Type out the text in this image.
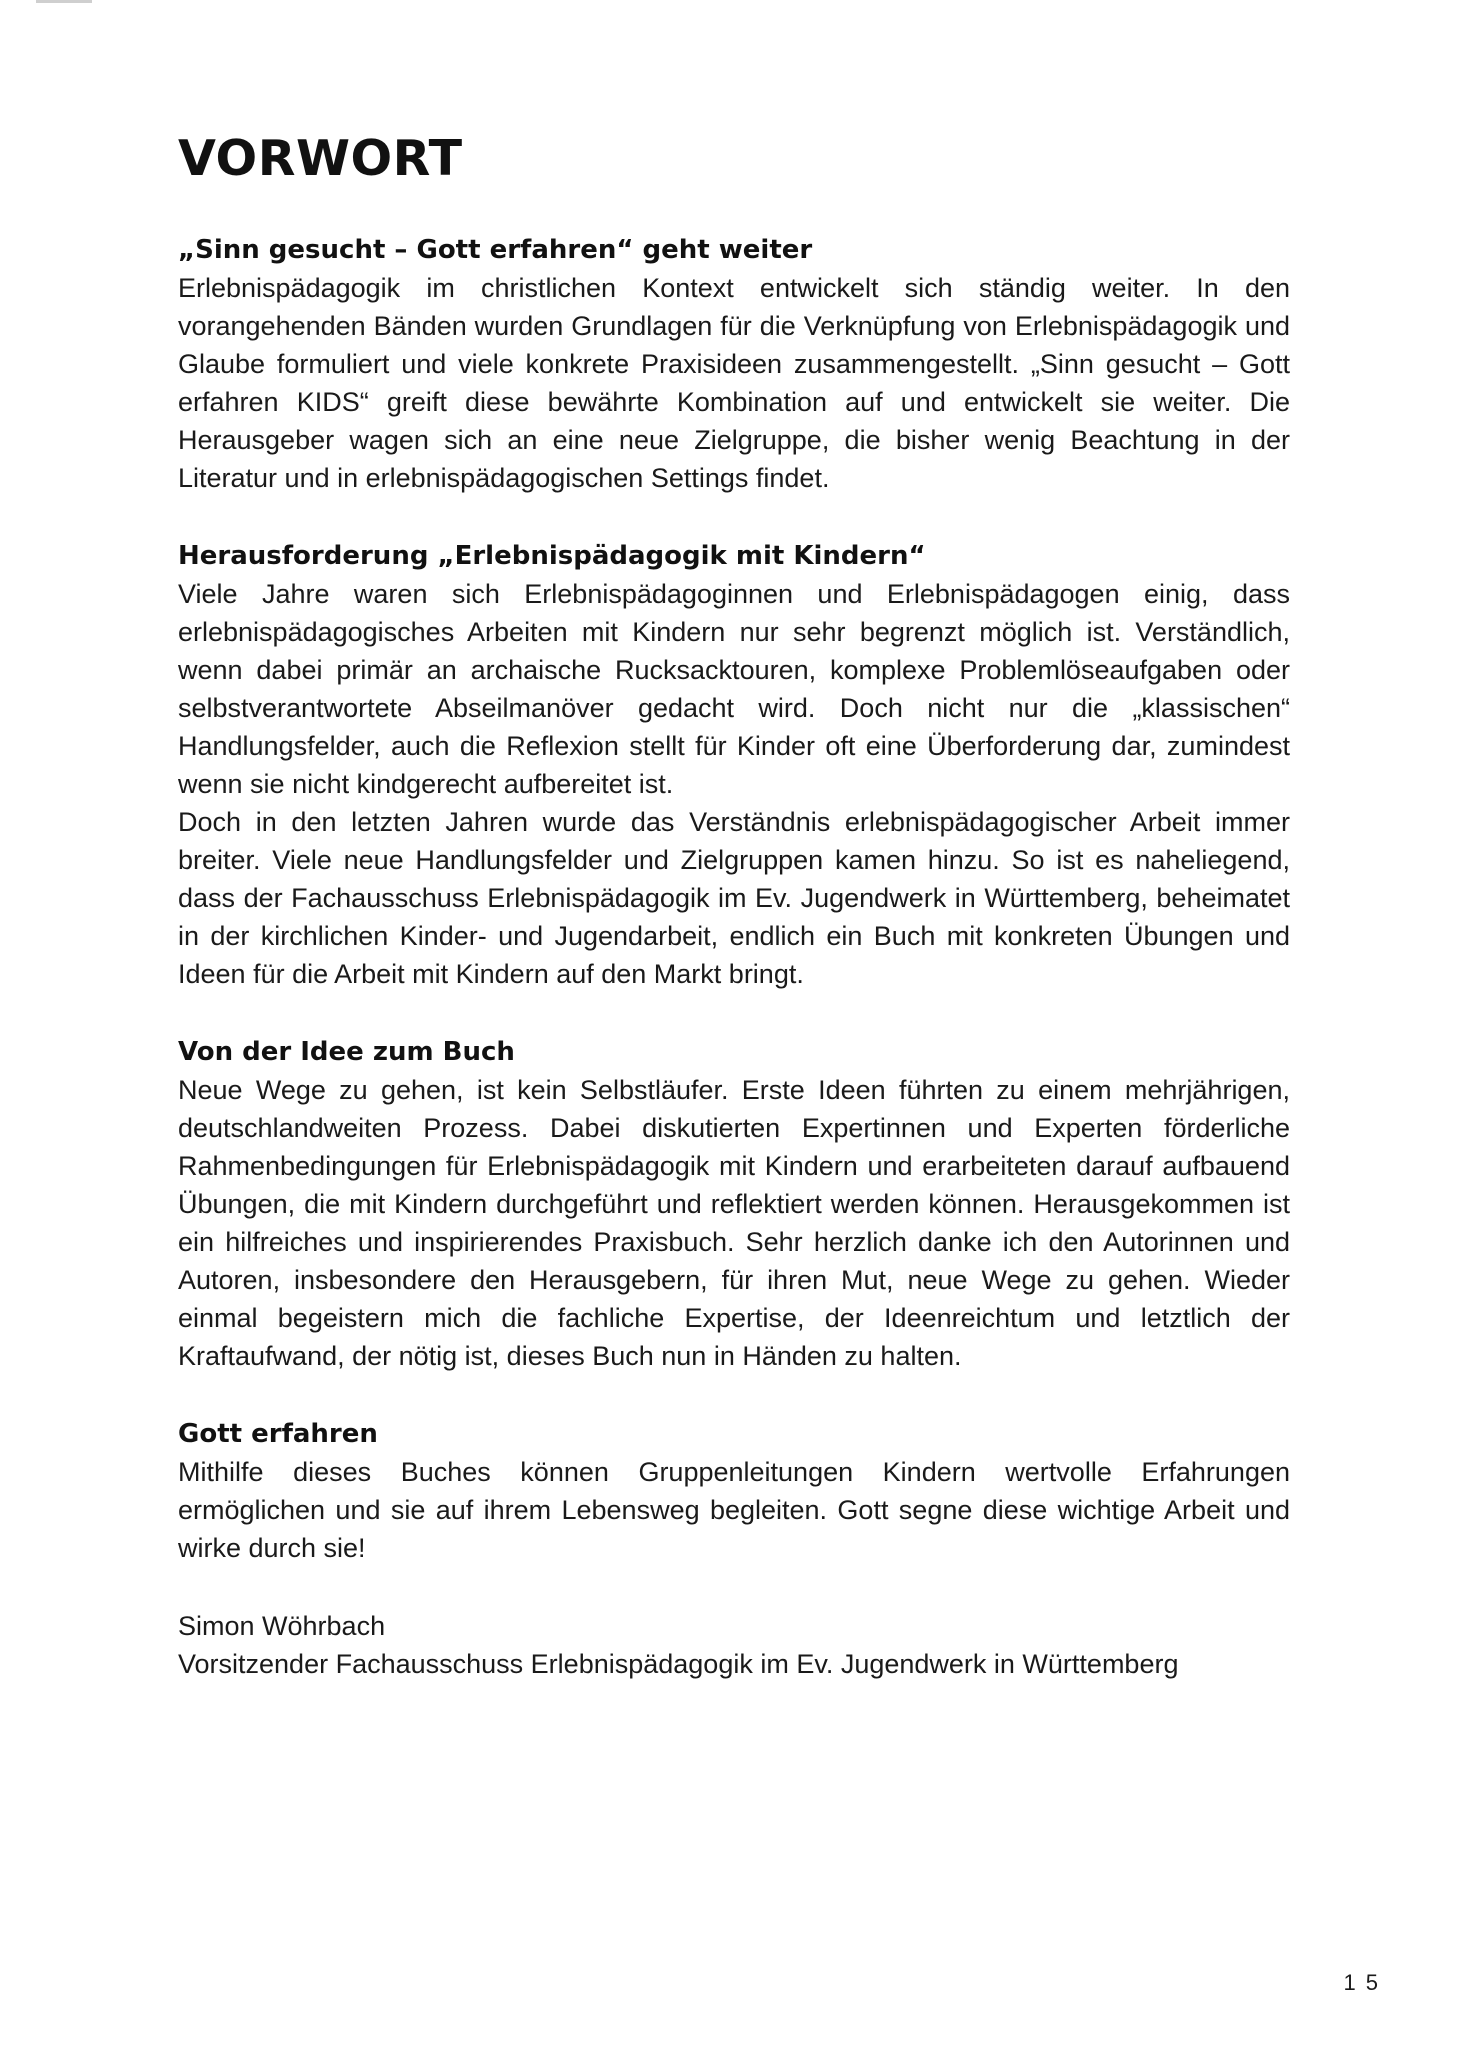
VORWORT
„Sinn gesucht – Gott erfahren“ geht weiter

Erlebnispädagogik im christlichen Kontext entwickelt sich ständig weiter. In den vorangehenden Bänden wurden Grundlagen für die Verknüpfung von Erlebnispädagogik und Glaube formuliert und viele konkrete Praxisideen zusammengestellt. „Sinn gesucht – Gott erfahren KIDS“ greift diese bewährte Kombination auf und entwickelt sie weiter. Die Herausgeber wagen sich an eine neue Zielgruppe, die bisher wenig Beachtung in der Literatur und in erlebnispädagogischen Settings findet.

Herausforderung „Erlebnispädagogik mit Kindern“

Viele Jahre waren sich Erlebnispädagoginnen und Erlebnispädagogen einig, dass erlebnispädagogisches Arbeiten mit Kindern nur sehr begrenzt möglich ist. Verständlich, wenn dabei primär an archaische Rucksacktouren, komplexe Problemlöseaufgaben oder selbstverantwortete Abseilmanöver gedacht wird. Doch nicht nur die „klassischen“ Handlungsfelder, auch die Reflexion stellt für Kinder oft eine Überforderung dar, zumindest wenn sie nicht kindgerecht aufbereitet ist.

Doch in den letzten Jahren wurde das Verständnis erlebnispädagogischer Arbeit immer breiter. Viele neue Handlungsfelder und Zielgruppen kamen hinzu. So ist es naheliegend, dass der Fachausschuss Erlebnispädagogik im Ev. Jugendwerk in Württemberg, beheimatet in der kirchlichen Kinder- und Jugendarbeit, endlich ein Buch mit konkreten Übungen und Ideen für die Arbeit mit Kindern auf den Markt bringt.

Von der Idee zum Buch

Neue Wege zu gehen, ist kein Selbstläufer. Erste Ideen führten zu einem mehrjährigen, deutschlandweiten Prozess. Dabei diskutierten Expertinnen und Experten förderliche Rahmenbedingungen für Erlebnispädagogik mit Kindern und erarbeiteten darauf aufbauend Übungen, die mit Kindern durchgeführt und reflektiert werden können. Herausgekommen ist ein hilfreiches und inspirierendes Praxisbuch. Sehr herzlich danke ich den Autorinnen und Autoren, insbesondere den Herausgebern, für ihren Mut, neue Wege zu gehen. Wieder einmal begeistern mich die fachliche Expertise, der Ideenreichtum und letztlich der Kraftaufwand, der nötig ist, dieses Buch nun in Händen zu halten.

Gott erfahren

Mithilfe dieses Buches können Gruppenleitungen Kindern wertvolle Erfahrungen ermöglichen und sie auf ihrem Lebensweg begleiten. Gott segne diese wichtige Arbeit und wirke durch sie!

Simon Wöhrbach
Vorsitzender Fachausschuss Erlebnispädagogik im Ev. Jugendwerk in Württemberg
15
